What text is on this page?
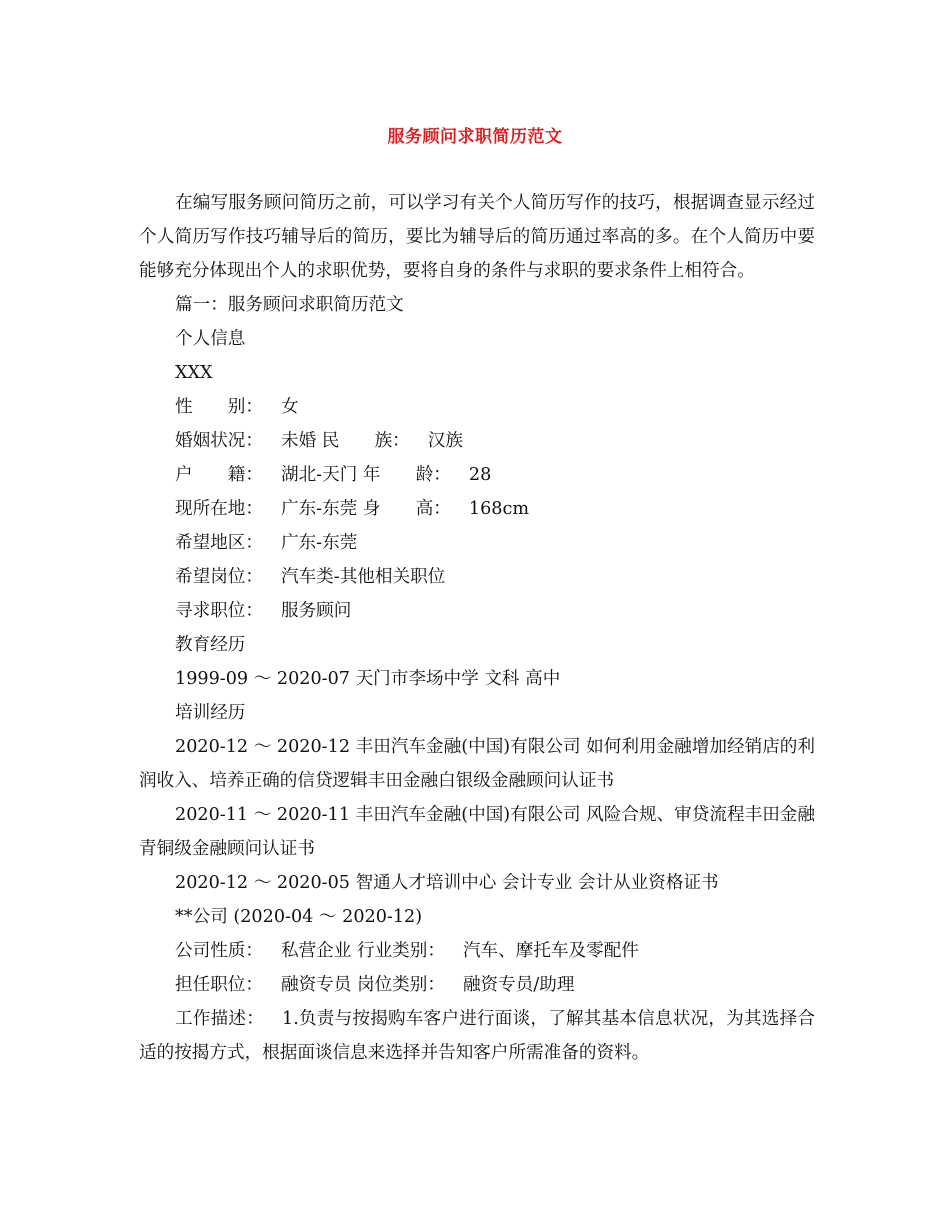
服务顾问求职简历范文

在编写服务顾问简历之前，可以学习有关个人简历写作的技巧，根据调查显示经过个人简历写作技巧辅导后的简历，要比为辅导后的简历通过率高的多。在个人简历中要能够充分体现出个人的求职优势，要将自身的条件与求职的要求条件上相符合。

篇一：服务顾问求职简历范文

个人信息

XXX

性　　别： 女

婚姻状况： 未婚 民　　族： 汉族

户　　籍： 湖北-天门 年　　龄： 28

现所在地： 广东-东莞 身　　高： 168cm

希望地区： 广东-东莞

希望岗位： 汽车类-其他相关职位

寻求职位： 服务顾问

教育经历

1999-09 ～ 2020-07 天门市李场中学 文科 高中

培训经历

2020-12 ～ 2020-12 丰田汽车金融(中国)有限公司 如何利用金融增加经销店的利润收入、培养正确的信贷逻辑丰田金融白银级金融顾问认证书

2020-11 ～ 2020-11 丰田汽车金融(中国)有限公司 风险合规、审贷流程丰田金融青铜级金融顾问认证书

2020-12 ～ 2020-05 智通人才培训中心 会计专业 会计从业资格证书

**公司 (2020-04 ～ 2020-12)

公司性质： 私营企业 行业类别： 汽车、摩托车及零配件

担任职位： 融资专员 岗位类别： 融资专员/助理

工作描述： 1.负责与按揭购车客户进行面谈，了解其基本信息状况，为其选择合适的按揭方式，根据面谈信息来选择并告知客户所需准备的资料。
